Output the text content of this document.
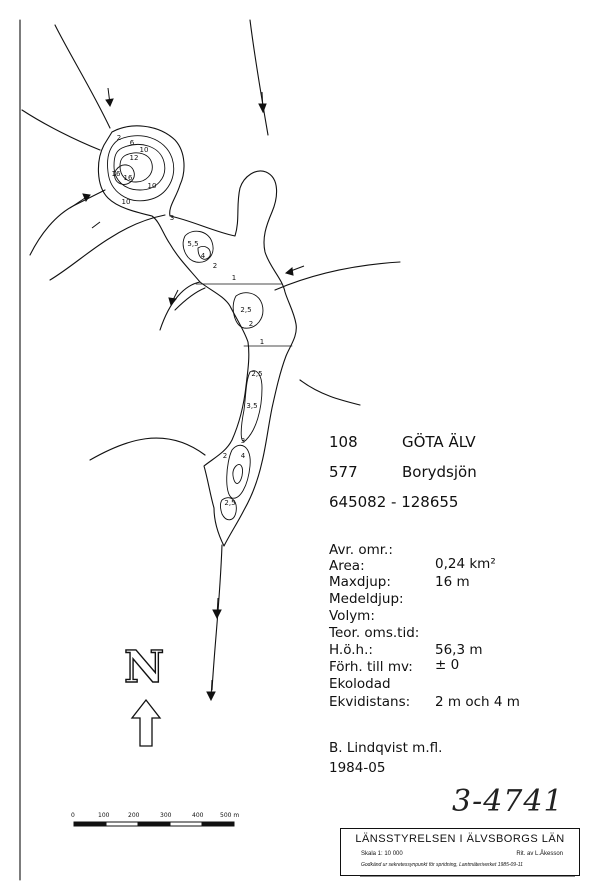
2
6
10
12
16 16
10
10
3
5,5
4
2
1
2,5
2
1
2,5
3,5
3
2 4
2,5
0	100	200	300	400	500 m
N
108	GÖTA ÄLV
577	Borydsjön
645082 - 128655
Avr. omr.:
Area:	0,24 km²
Maxdjup:	16 m
Medeldjup:
Volym:
Teor. oms.tid:
H.ö.h.:	56,3 m
Förh. till mv: ± 0
Ekolodad
Ekvidistans: 2 m och 4 m
B. Lindqvist m.fl.
1984-05
3-4741
LÄNSSTYRELSEN I ÄLVSBORGS LÄN
Skala 1: 10 000	Rit. av L.Åkesson
Godkänd ur sekretessynpunkt för spridning, Lantmäteriverket 1985-09-11
